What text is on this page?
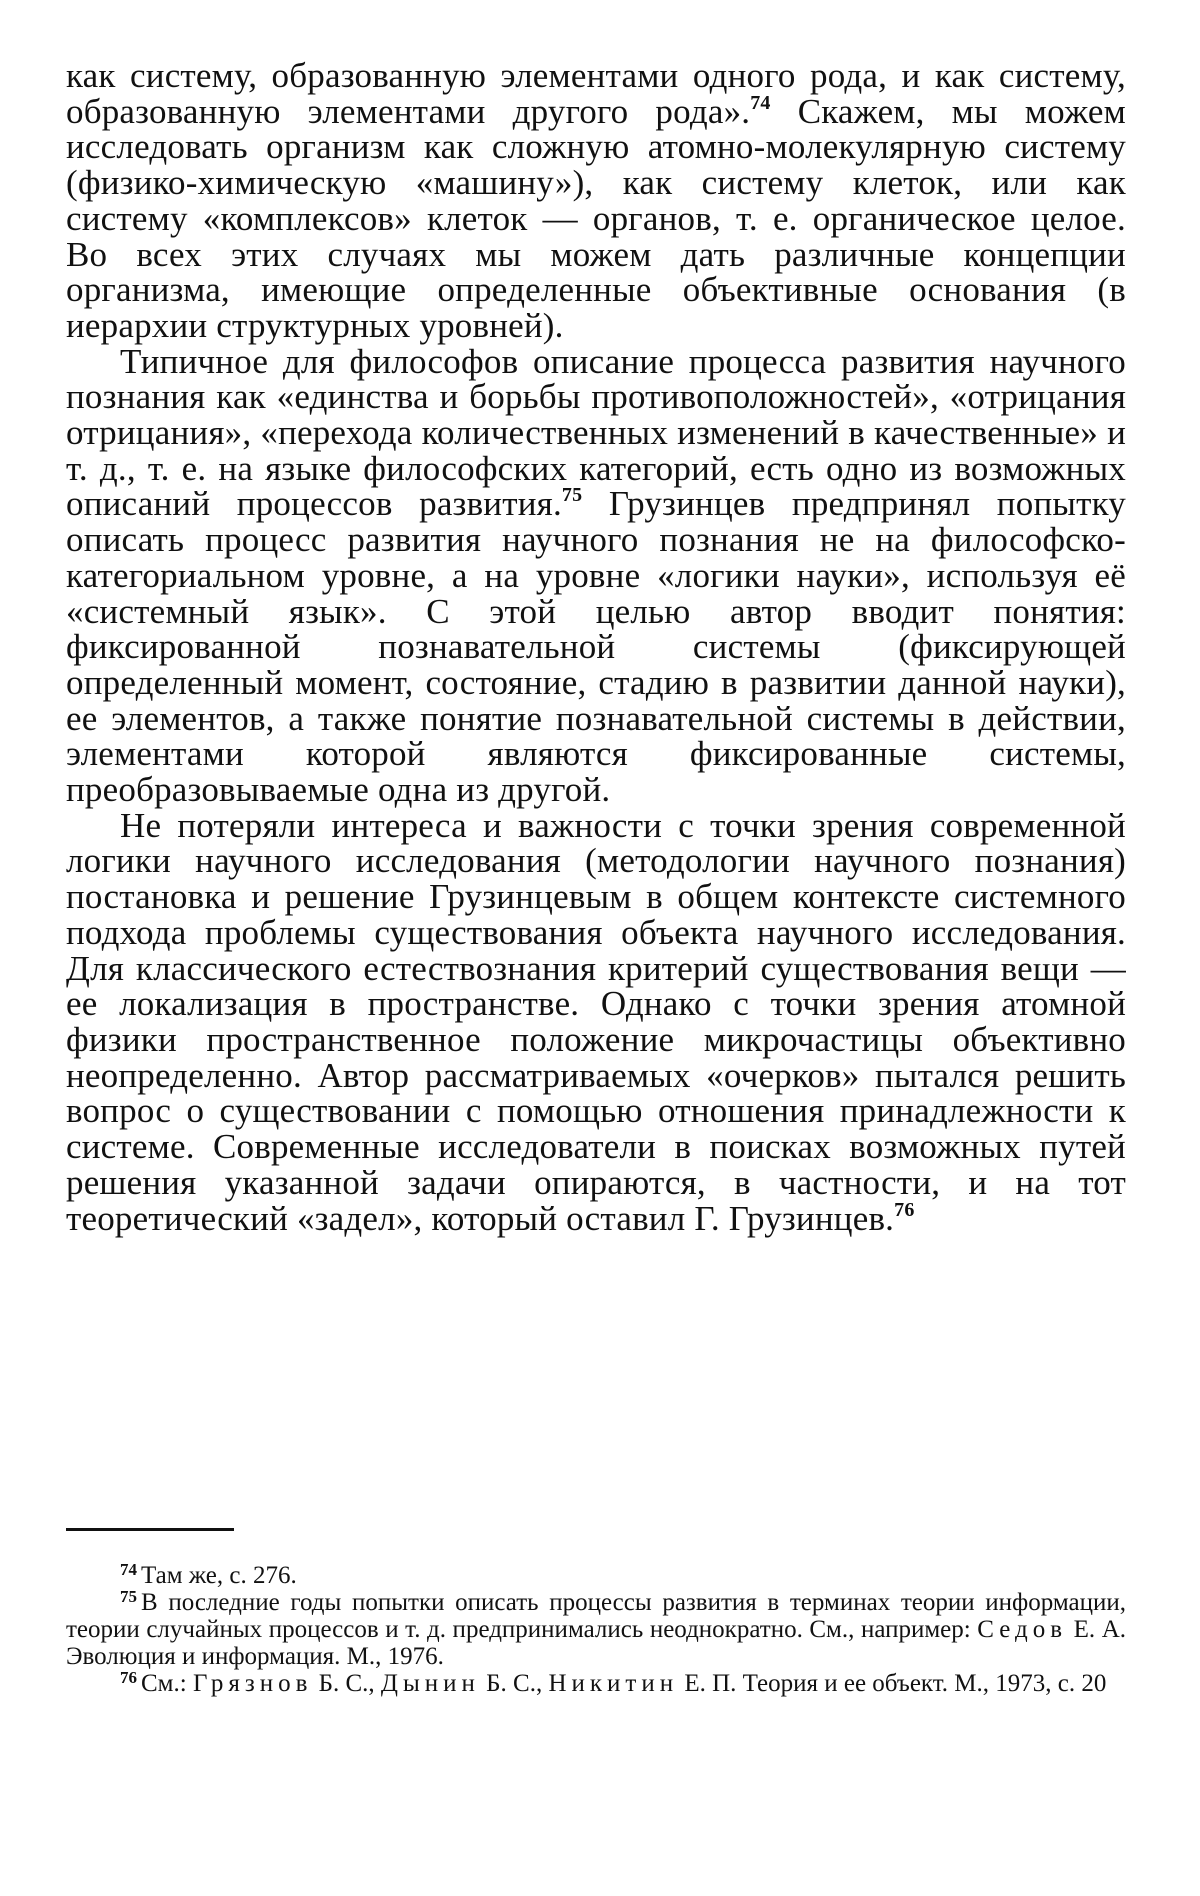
как систему, образованную элементами одного рода, и как систему, образованную элементами другого рода».$^{74}$ Скажем, мы можем исследовать организм как сложную атомно-молекулярную систему (физико-химическую «машину»), как систему клеток, или как систему «комплексов» клеток — органов, т. е. органическое целое. Во всех этих случаях мы можем дать различные концепции организма, имеющие определенные объективные основания (в иерархии структурных уровней).

Типичное для философов описание процесса развития научного познания как «единства и борьбы противоположностей», «отрицания отрицания», «перехода количественных изменений в качественные» и т. д., т. е. на языке философских категорий, есть одно из возможных описаний процессов развития.$^{75}$ Грузинцев предпринял попытку описать процесс развития научного познания не на философско-категориальном уровне, а на уровне «логики науки», используя её «системный язык». С этой целью автор вводит понятия: фиксированной познавательной системы (фиксирующей определенный момент, состояние, стадию в развитии данной науки), ее элементов, а также понятие познавательной системы в действии, элементами которой являются фиксированные системы, преобразовываемые одна из другой.

Не потеряли интереса и важности с точки зрения современной логики научного исследования (методологии научного познания) постановка и решение Грузинцевым в общем контексте системного подхода проблемы существования объекта научного исследования. Для классического естествознания критерий существования вещи — ее локализация в пространстве. Однако с точки зрения атомной физики пространственное положение микрочастицы объективно неопределенно. Автор рассматриваемых «очерков» пытался решить вопрос о существовании с помощью отношения принадлежности к системе. Современные исследователи в поисках возможных путей решения указанной задачи опираются, в частности, и на тот теоретический «задел», который оставил Г. Грузинцев.$^{76}$

$^{74}$ Там же, с. 276.

$^{75}$ В последние годы попытки описать процессы развития в терминах теории информации, теории случайных процессов и т. д. предпринимались неоднократно. См., например: Седов Е. А. Эволюция и информация. М., 1976.

$^{76}$ См.: Грязнов Б. С., Дынин Б. С., Никитин Е. П. Теория и ее объект. М., 1973, с. 20
